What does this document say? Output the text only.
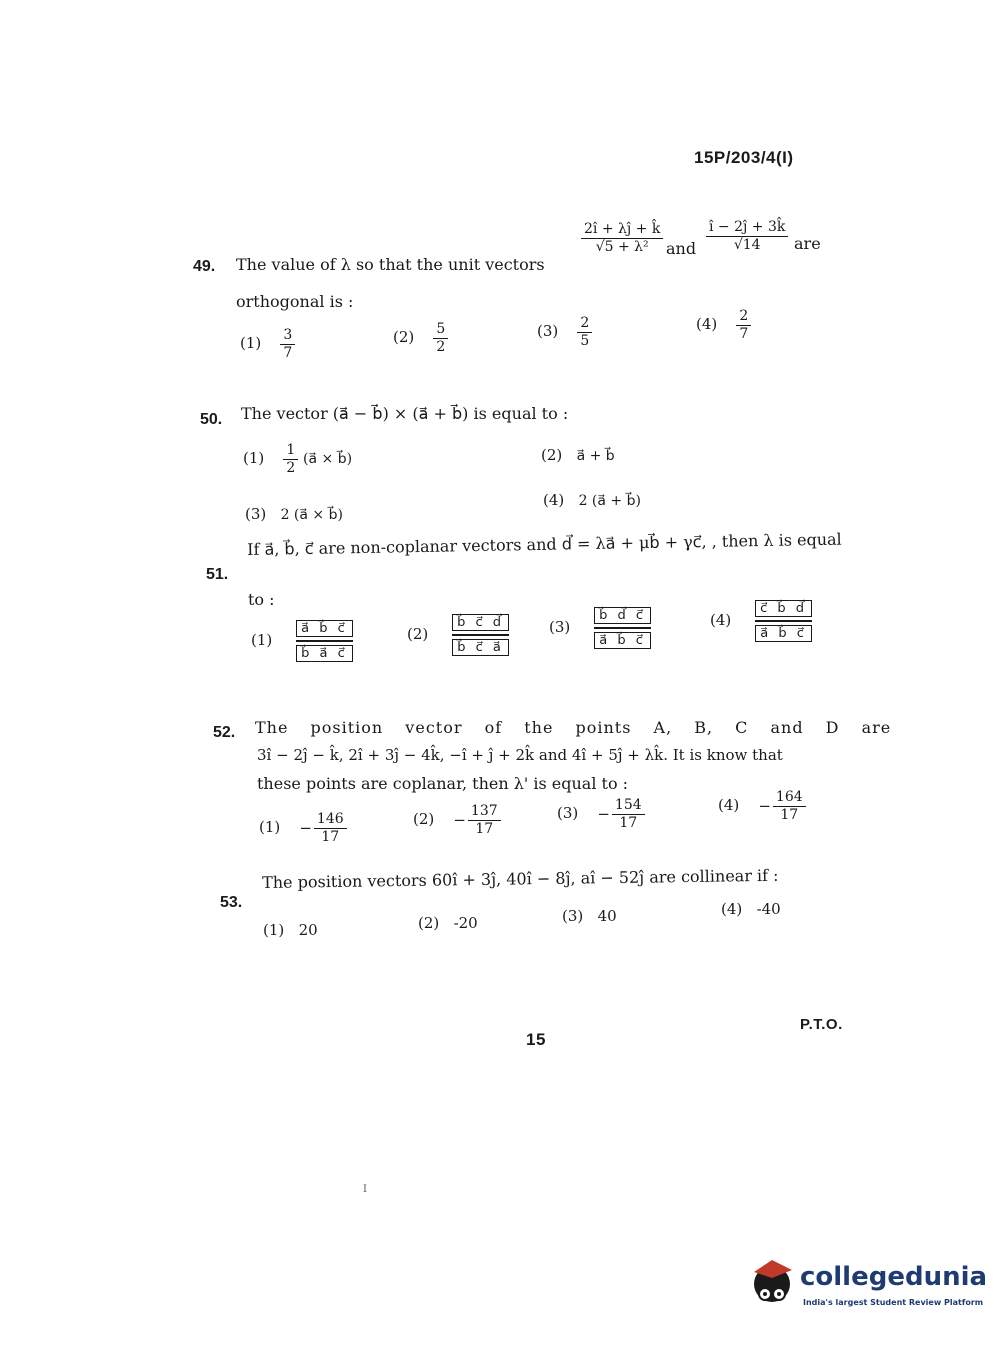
15P/203/4(I)
49. The value of λ so that the unit vectors
$\frac{2î + \lambda ĵ + k̂}{\text{√5 + λ²}}$ and $\frac{î - 2ĵ + 3k̂}{√14}$ are
orthogonal is :
$(1) \frac{3}{7}$	$(2) \frac{5}{2}$	$(3) \frac{2}{5}$	$(4) \frac{2}{7}$
50. The vector (a⃗ − b⃗) × (a⃗ + b⃗) is equal to :
$(1) \frac{1}{2}$ (a⃗ × b⃗)	(2) a⃗ + b⃗
(3) 2 (a⃗ × b⃗)
(4) 2 (a⃗ + b⃗)
51.
If a⃗, b⃗, c⃗ are non-coplanar vectors and d⃗ = λa⃗ + μb⃗ + γc⃗, , then λ is equal
to :
$(1) \frac{a⃗ b⃗ c⃗}{b⃗ a⃗ c⃗}$	$(2) \frac{b⃗ c⃗ d⃗}{b⃗ c⃗ a⃗}$	$(3) \frac{b⃗ d⃗ c⃗}{a⃗ b⃗ c⃗}$	$(4) \frac{c⃗ b⃗ d⃗}{a⃗ b⃗ c⃗}$
52. The position vector of the points A, B, C and D are
3î − 2ĵ − k̂, 2î + 3ĵ − 4k̂, −î + ĵ + 2k̂ and 4î + 5ĵ + λk̂. It is know that
these points are coplanar, then λ' is equal to :
$(1) - \frac{146}{17}$	$(2) - \frac{137}{17}$	$(3) - \frac{154}{17}$	$(4) - \frac{164}{17}$
53.
The position vectors 60î + 3ĵ, 40î − 8ĵ, aî − 52ĵ are collinear if :
(1) 20	(2) -20	(3) 40	(4) -40
15
P.T.O.
I
collegedunia
India's largest Student Review Platform
